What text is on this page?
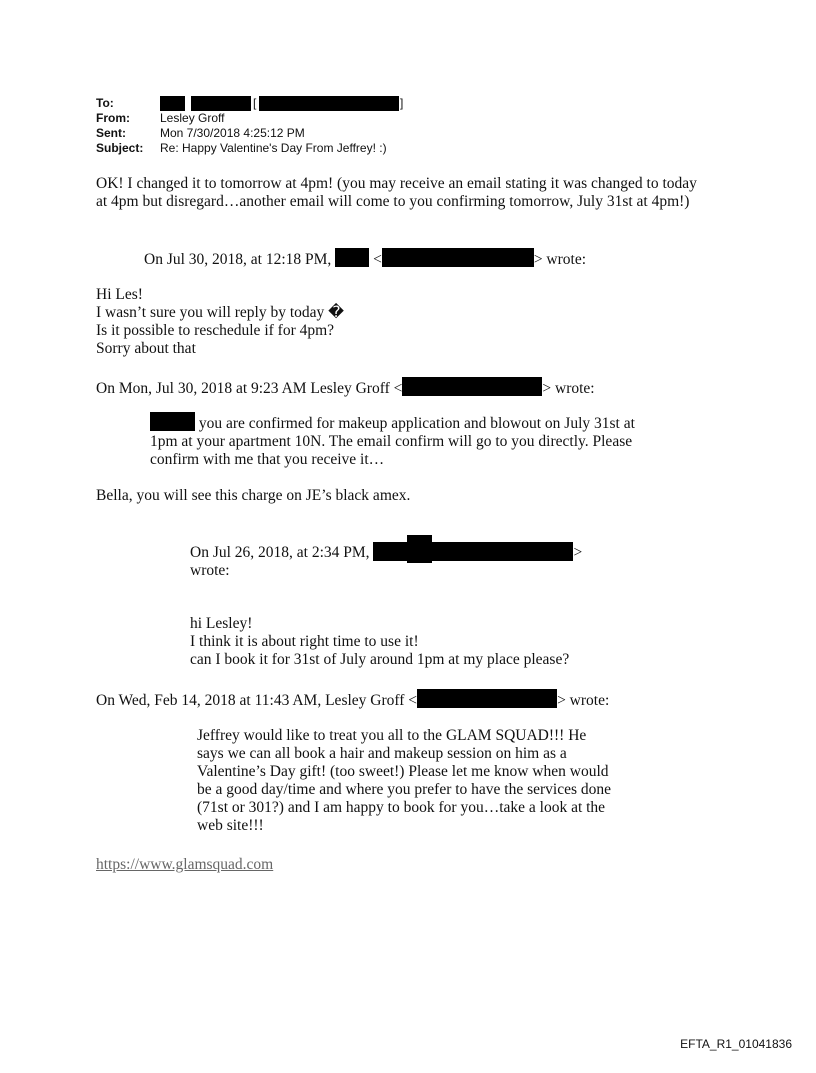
To:	[	]
From:	Lesley Groff
Sent:	Mon 7/30/2018 4:25:12 PM
Subject:	Re: Happy Valentine's Day From Jeffrey! :)
OK! I changed it to tomorrow at 4pm! (you may receive an email stating it was changed to today
at 4pm but disregard…another email will come to you confirming tomorrow, July 31st at 4pm!)
On Jul 30, 2018, at 12:18 PM,	<	> wrote:
Hi Les!
I wasn’t sure you will reply by today �
Is it possible to reschedule if for 4pm?
Sorry about that
On Mon, Jul 30, 2018 at 9:23 AM Lesley Groff <	> wrote:
you are confirmed for makeup application and blowout on July 31st at
1pm at your apartment 10N. The email confirm will go to you directly. Please
confirm with me that you receive it…
Bella, you will see this charge on JE’s black amex.
On Jul 26, 2018, at 2:34 PM,	>
wrote:
hi Lesley!
I think it is about right time to use it!
can I book it for 31st of July around 1pm at my place please?
On Wed, Feb 14, 2018 at 11:43 AM, Lesley Groff <	> wrote:
Jeffrey would like to treat you all to the GLAM SQUAD!!! He
says we can all book a hair and makeup session on him as a
Valentine’s Day gift! (too sweet!) Please let me know when would
be a good day/time and where you prefer to have the services done
(71st or 301?) and I am happy to book for you…take a look at the
web site!!!
https://www.glamsquad.com
EFTA_R1_01041836
